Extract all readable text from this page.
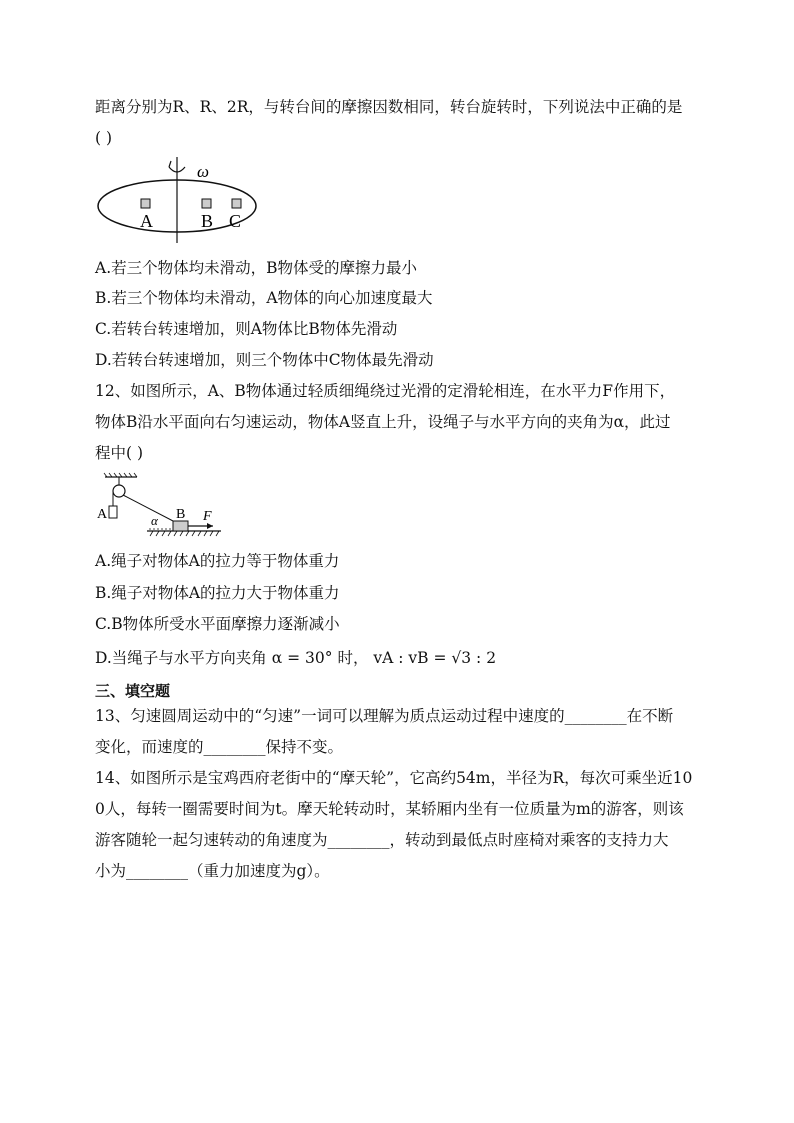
距离分别为R、R、2R，与转台间的摩擦因数相同，转台旋转时，下列说法中正确的是
( )
ω
A	B C
A.若三个物体均未滑动，B物体受的摩擦力最小
B.若三个物体均未滑动，A物体的向心加速度最大
C.若转台转速增加，则A物体比B物体先滑动
D.若转台转速增加，则三个物体中C物体最先滑动
12、如图所示，A、B物体通过轻质细绳绕过光滑的定滑轮相连，在水平力F作用下，
物体B沿水平面向右匀速运动，物体A竖直上升，设绳子与水平方向的夹角为α，此过
程中( )
A	α B F
A.绳子对物体A的拉力等于物体重力
B.绳子对物体A的拉力大于物体重力
C.B物体所受水平面摩擦力逐渐减小
D.当绳子与水平方向夹角 α = 30° 时， vA : vB = √3 : 2
三、填空题
13、匀速圆周运动中的“匀速”一词可以理解为质点运动过程中速度的________在不断
变化，而速度的________保持不变。
14、如图所示是宝鸡西府老街中的“摩天轮”，它高约54m，半径为R，每次可乘坐近10
0人，每转一圈需要时间为t。摩天轮转动时，某轿厢内坐有一位质量为m的游客，则该
游客随轮一起匀速转动的角速度为________，转动到最低点时座椅对乘客的支持力大
小为________（重力加速度为g）。
